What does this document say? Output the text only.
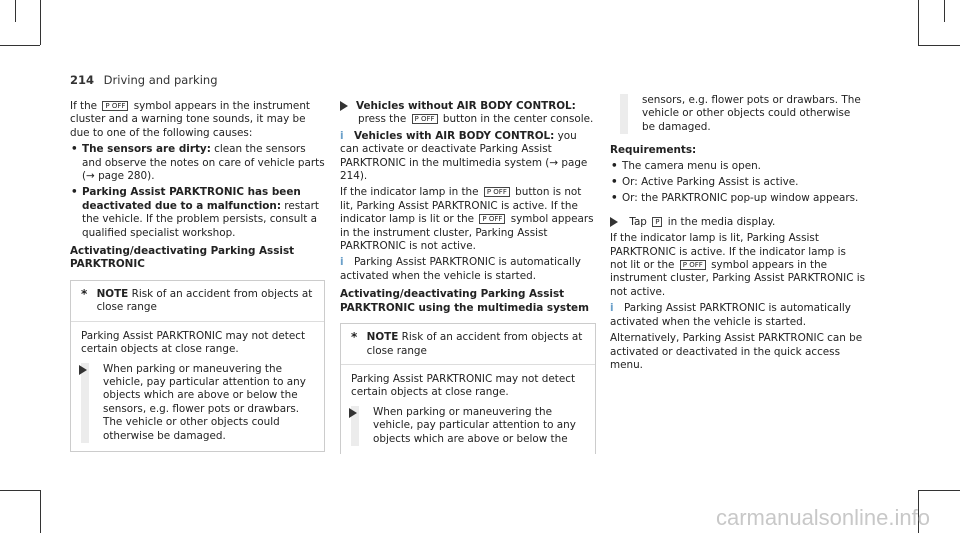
214 Driving and parking

If the P OFF symbol appears in the instrument cluster and a warning tone sounds, it may be due to one of the following causes:

• The sensors are dirty: clean the sensors and observe the notes on care of vehicle parts (→ page 280).
• Parking Assist PARKTRONIC has been deactivated due to a malfunction: restart the vehicle. If the problem persists, consult a qualified specialist workshop.
Activating/deactivating Parking Assist PARKTRONIC
* NOTE Risk of an accident from objects at close range
Parking Assist PARKTRONIC may not detect certain objects at close range.
When parking or maneuvering the vehicle, pay particular attention to any objects which are above or below the sensors, e.g. flower pots or drawbars. The vehicle or other objects could otherwise be damaged.

Vehicles without AIR BODY CONTROL:
press the P OFF button in the center console.

i Vehicles with AIR BODY CONTROL: you can activate or deactivate Parking Assist PARKTRONIC in the multimedia system (→ page 214).

If the indicator lamp in the P OFF button is not lit, Parking Assist PARKTRONIC is active. If the indicator lamp is lit or the P OFF symbol appears in the instrument cluster, Parking Assist PARKTRONIC is not active.

i Parking Assist PARKTRONIC is automatically activated when the vehicle is started.

Activating/deactivating Parking Assist PARKTRONIC using the multimedia system
* NOTE Risk of an accident from objects at close range
Parking Assist PARKTRONIC may not detect certain objects at close range.
When parking or maneuvering the vehicle, pay particular attention to any objects which are above or below the
sensors, e.g. flower pots or drawbars. The vehicle or other objects could otherwise be damaged.
Requirements:
• The camera menu is open.
• Or: Active Parking Assist is active.
• Or: the PARKTRONIC pop-up window appears.

Tap P in the media display.

If the indicator lamp is lit, Parking Assist PARKTRONIC is active. If the indicator lamp is not lit or the P OFF symbol appears in the instrument cluster, Parking Assist PARKTRONIC is not active.

i Parking Assist PARKTRONIC is automatically activated when the vehicle is started.

Alternatively, Parking Assist PARKTRONIC can be activated or deactivated in the quick access menu.

carmanualsonline.info
